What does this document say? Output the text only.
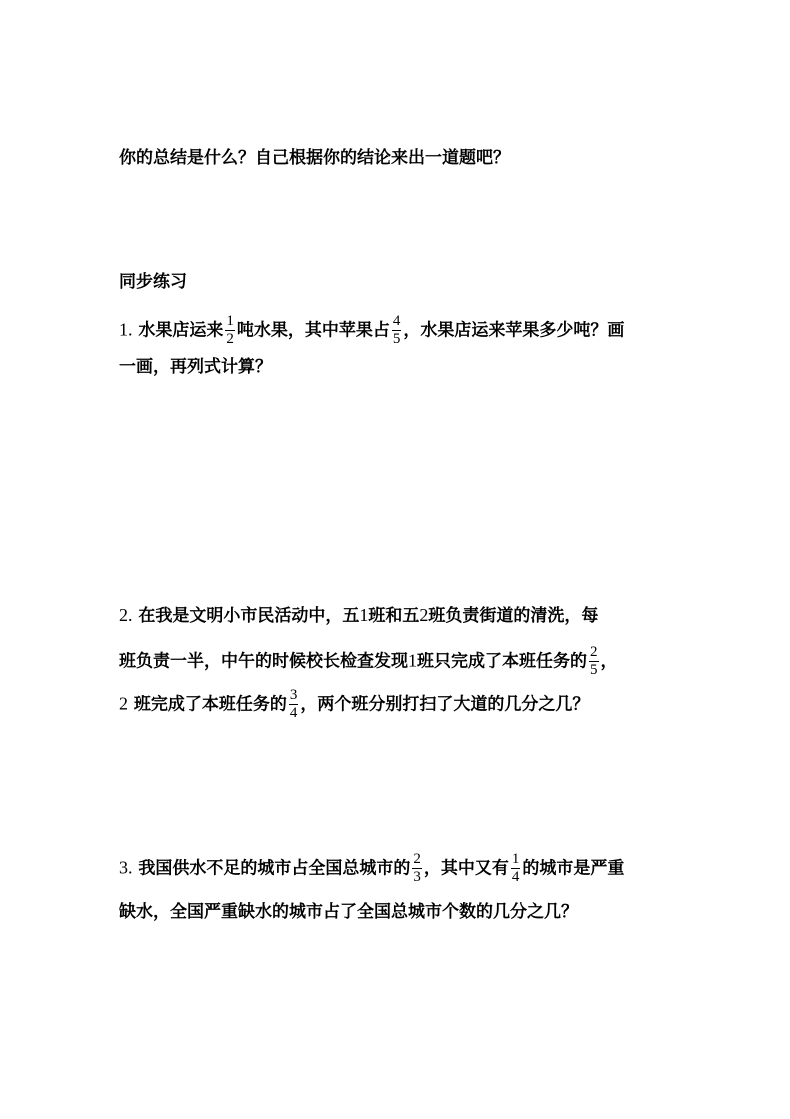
你的总结是什么？自己根据你的结论来出一道题吧？
同步练习
1. 水果店运来 $\frac{1}{2}$ 吨水果，其中苹果占 $\frac{4}{5}$ ，水果店运来苹果多少吨？画
一画，再列式计算？
2. 在我是文明小市民活动中，五1班和五2班负责街道的清洗，每
班负责一半，中午的时候校长检查发现1班只完成了本班任务的 $\frac{2}{5}$ ，
2 班完成了本班任务的 $\frac{3}{4}$ ，两个班分别打扫了大道的几分之几？
3. 我国供水不足的城市占全国总城市的 $\frac{2}{3}$ ，其中又有 $\frac{1}{4}$ 的城市是严重
缺水，全国严重缺水的城市占了全国总城市个数的几分之几？
